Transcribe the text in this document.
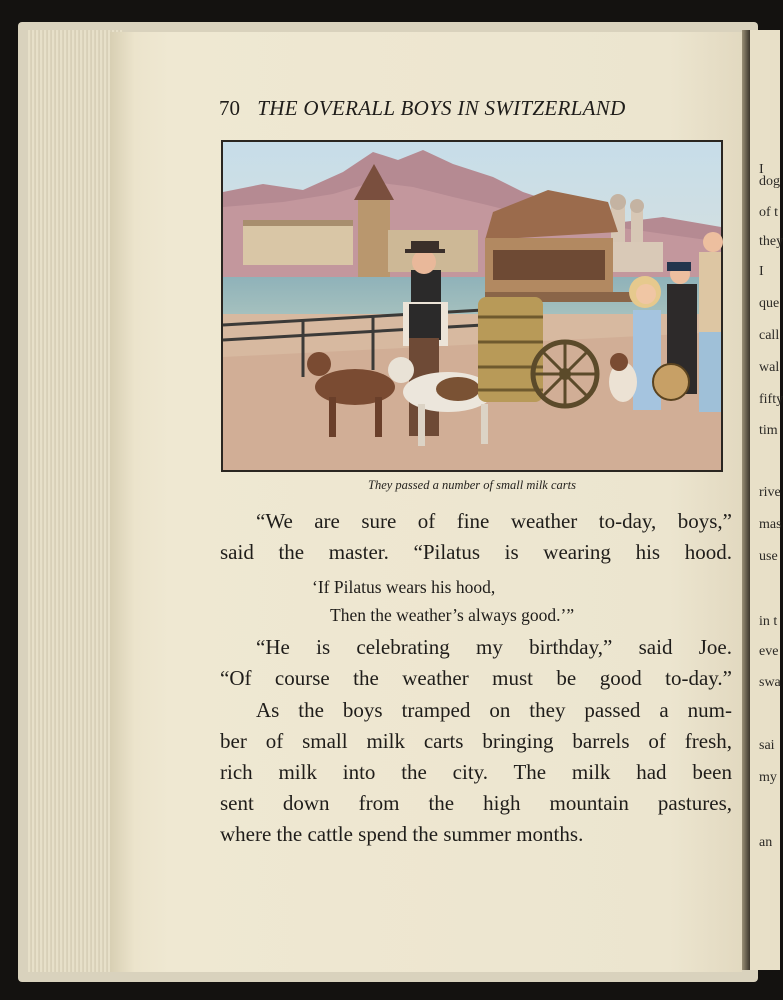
I
dog
of t
they
I
que
call
wal
fifty
tim
rive
mas
use
in t
eve
swa
sai
my
an
70 THE OVERALL BOYS IN SWITZERLAND
They passed a number of small milk carts

“We are sure of fine weather to-day, boys,”
said the master. “Pilatus is wearing his hood.

‘If Pilatus wears his hood,
Then the weather’s always good.’”

“He is celebrating my birthday,” said Joe.
“Of course the weather must be good to-day.”

As the boys tramped on they passed a num-
ber of small milk carts bringing barrels of fresh,
rich milk into the city. The milk had been
sent down from the high mountain pastures,
where the cattle spend the summer months.
